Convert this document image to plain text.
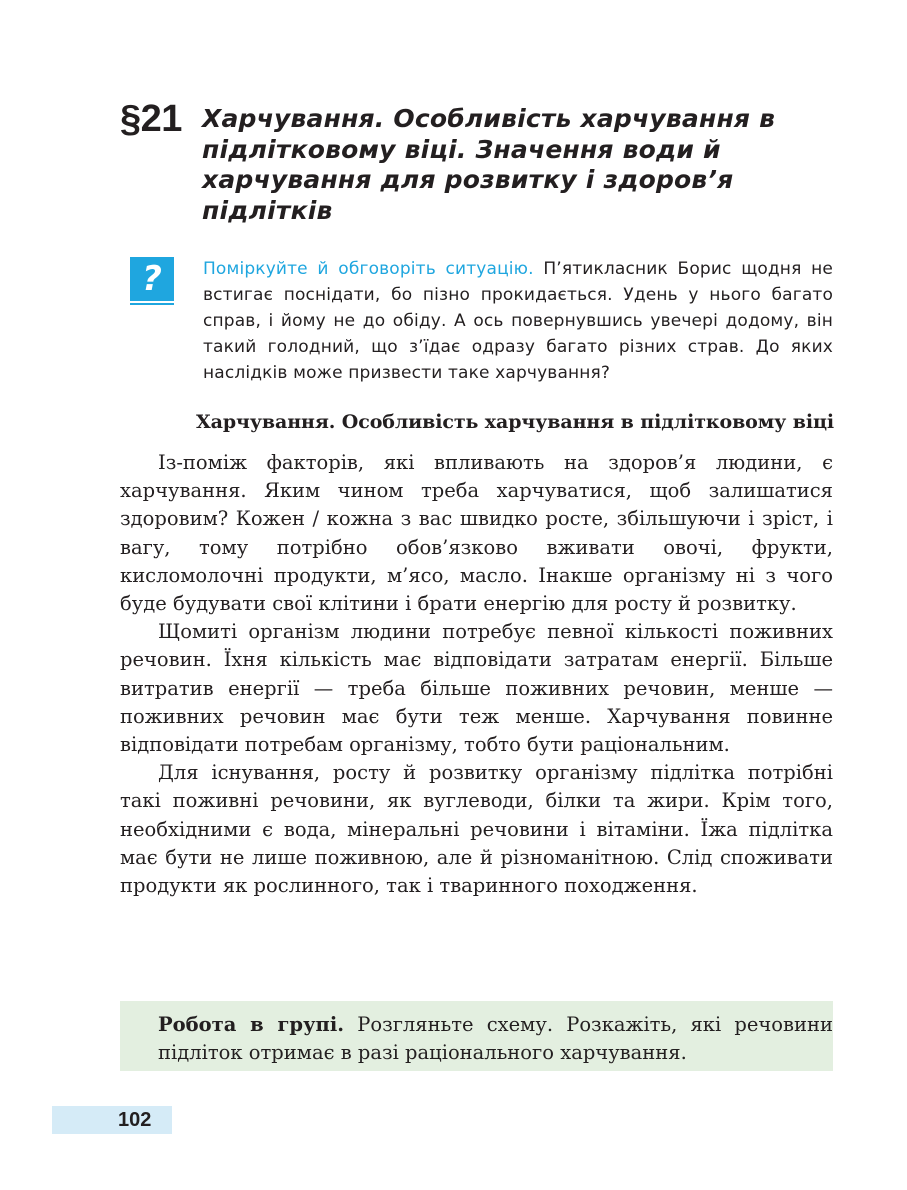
§21 Харчування. Особливість харчування в підлітковому віці. Значення води й харчування для розвитку і здоров’я підлітків
? Поміркуйте й обговоріть ситуацію. П’ятикласник Борис щодня не встигає поснідати, бо пізно прокидається. Удень у нього багато справ, і йому не до обіду. А ось повернувшись увечері додому, він такий голодний, що з’їдає одразу багато різних страв. До яких наслідків може призвести таке харчування?
Харчування. Особливість харчування в підлітковому віці

Із-поміж факторів, які впливають на здоров’я людини, є харчування. Яким чином треба харчуватися, щоб залишатися здоровим? Кожен / кожна з вас швидко росте, збільшуючи і зріст, і вагу, тому потрібно обов’язково вживати овочі, фрукти, кисломолочні продукти, м’ясо, масло. Інакше організму ні з чого буде будувати свої клітини і брати енергію для росту й розвитку.

Щомиті організм людини потребує певної кількості поживних речовин. Їхня кількість має відповідати затратам енергії. Більше витратив енергії — треба більше поживних речовин, менше — поживних речовин має бути теж менше. Харчування повинне відповідати потребам організму, тобто бути раціональним.

Для існування, росту й розвитку організму підлітка потрібні такі поживні речовини, як вуглеводи, білки та жири. Крім того, необхідними є вода, мінеральні речовини і вітаміни. Їжа підлітка має бути не лише поживною, але й різноманітною. Слід споживати продукти як рослинного, так і тваринного походження.

Робота в групі. Розгляньте схему. Розкажіть, які речовини підліток отримає в разі раціонального харчування.
102
